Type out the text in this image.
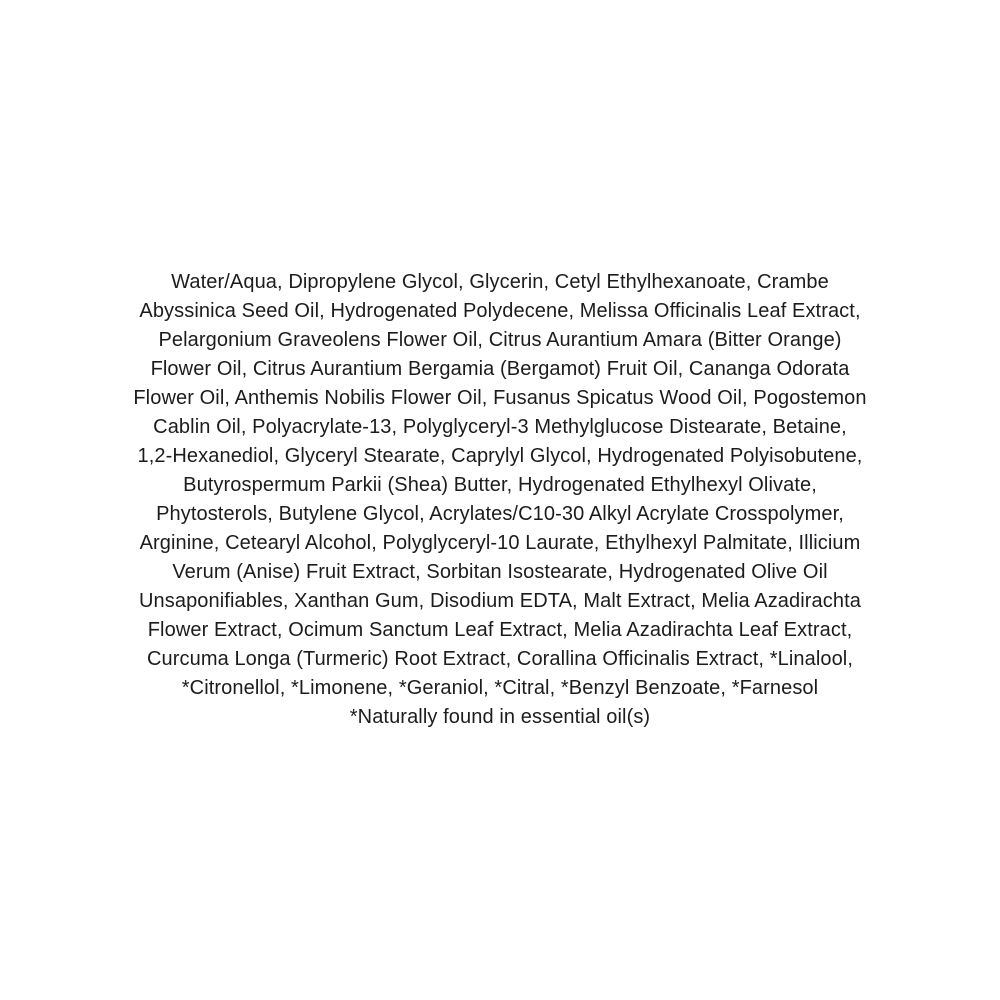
Water/Aqua, Dipropylene Glycol, Glycerin, Cetyl Ethylhexanoate, Crambe
Abyssinica Seed Oil, Hydrogenated Polydecene, Melissa Officinalis Leaf Extract,
Pelargonium Graveolens Flower Oil, Citrus Aurantium Amara (Bitter Orange)
Flower Oil, Citrus Aurantium Bergamia (Bergamot) Fruit Oil, Cananga Odorata
Flower Oil, Anthemis Nobilis Flower Oil, Fusanus Spicatus Wood Oil, Pogostemon
Cablin Oil, Polyacrylate-13, Polyglyceryl-3 Methylglucose Distearate, Betaine,
1,2-Hexanediol, Glyceryl Stearate, Caprylyl Glycol, Hydrogenated Polyisobutene,
Butyrospermum Parkii (Shea) Butter, Hydrogenated Ethylhexyl Olivate,
Phytosterols, Butylene Glycol, Acrylates/C10-30 Alkyl Acrylate Crosspolymer,
Arginine, Cetearyl Alcohol, Polyglyceryl-10 Laurate, Ethylhexyl Palmitate, Illicium
Verum (Anise) Fruit Extract, Sorbitan Isostearate, Hydrogenated Olive Oil
Unsaponifiables, Xanthan Gum, Disodium EDTA, Malt Extract, Melia Azadirachta
Flower Extract, Ocimum Sanctum Leaf Extract, Melia Azadirachta Leaf Extract,
Curcuma Longa (Turmeric) Root Extract, Corallina Officinalis Extract, *Linalool,
*Citronellol, *Limonene, *Geraniol, *Citral, *Benzyl Benzoate, *Farnesol
*Naturally found in essential oil(s)
